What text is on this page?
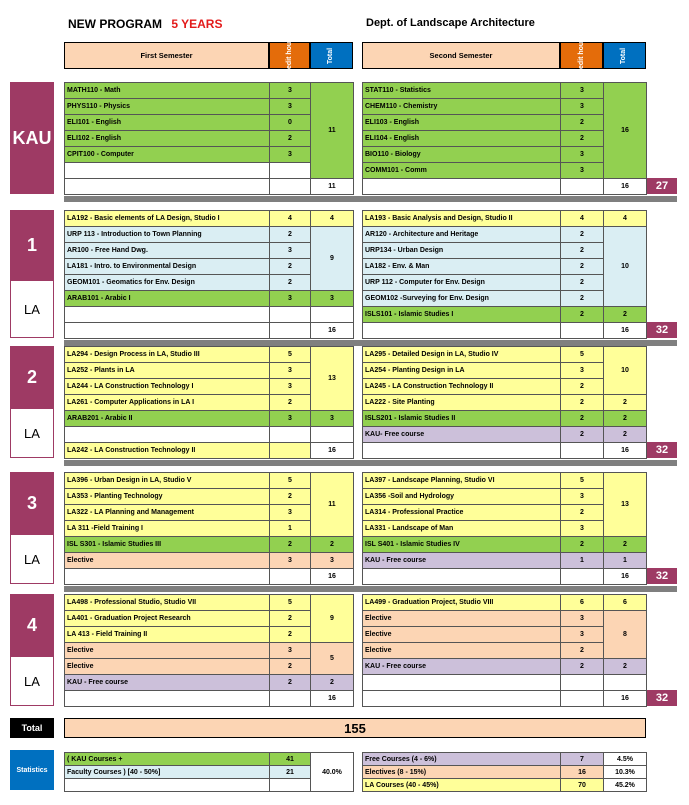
NEW PROGRAM 5 YEARS	Dept. of Landscape Architecture
First Semester	Credit hours	Total	Second Semester	Credit hours	Total
KAU
MATH110 - Math	3	11
PHYS110 - Physics	3	
ELI101 - English	0	
ELI102 - English	2	
CPIT100 - Computer	3	

		11
STAT110 - Statistics	3	16
CHEM110 - Chemistry	3	
ELI103 - English	2	
ELI104 - English	2	
BIO110 - Biology	3	
COMM101 - Comm	3	
		16	27
1
LA
LA192 - Basic elements of LA Design, Studio I	4	4
URP 113 - Introduction to Town Planning	2	9
AR100 - Free Hand Dwg.	3	
LA181 - Intro. to Environmental Design	2	
GEOM101 - Geomatics for Env. Design	2	
ARAB101 - Arabic I	3	3

		16
LA193 - Basic Analysis and Design, Studio II	4	4
AR120 - Architecture and Heritage	2	10
URP134 - Urban Design	2	
LA182 - Env. & Man	2	
URP 112 - Computer for Env. Design	2	
GEOM102 -Surveying for Env. Design	2	
ISLS101 - Islamic Studies I	2	2
		16	32
2
LA
LA294 - Design Process in LA, Studio III	5	13
LA252 - Plants in LA	3	
LA244 - LA Construction Technology I	3	
LA261 - Computer Applications in LA I	2	
ARAB201 - Arabic II	3	3

LA242 - LA Construction Technology II		16
LA295 - Detailed Design in LA, Studio IV	5	10
LA254 - Planting Design in LA	3	
LA245 - LA Construction Technology II	2	
LA222 - Site Planting	2	2
ISLS201 - Islamic Studies II	2	2
KAU- Free course	2	2
		16	32
3
LA
LA396 - Urban Design in LA, Studio V	5	11
LA353 - Planting Technology	2	
LA322 - LA Planning and Management	3	
LA 311 -Field Training I	1	
ISL S301 - Islamic Studies III	2	2
Elective	3	3
		16
LA397 - Landscape Planning, Studio VI	5	13
LA356 -Soil and Hydrology	3	
LA314 - Professional Practice	2	
LA331 - Landscape of Man	3	
ISL S401 - Islamic Studies IV	2	2
KAU - Free course	1	1
		16	32
4
LA
LA498 - Professional Studio, Studio VII	5	9
LA401 - Graduation Project Research	2	
LA 413 - Field Training II	2	
Elective	3	5
Elective	2	
KAU - Free course	2	2
		16
LA499 - Graduation Project, Studio VIII	6	6
Elective	3	8
Elective	3	
Elective	2	
KAU - Free course	2	2

		16	32
Total	155
Statistics
( KAU Courses +	41	40.0%
Faculty Courses ) [40 - 50%]	21	

Free Courses (4 - 6%)	7	4.5%
Electives (8 - 15%)	16	10.3%
LA Courses (40 - 45%)	70	45.2%
